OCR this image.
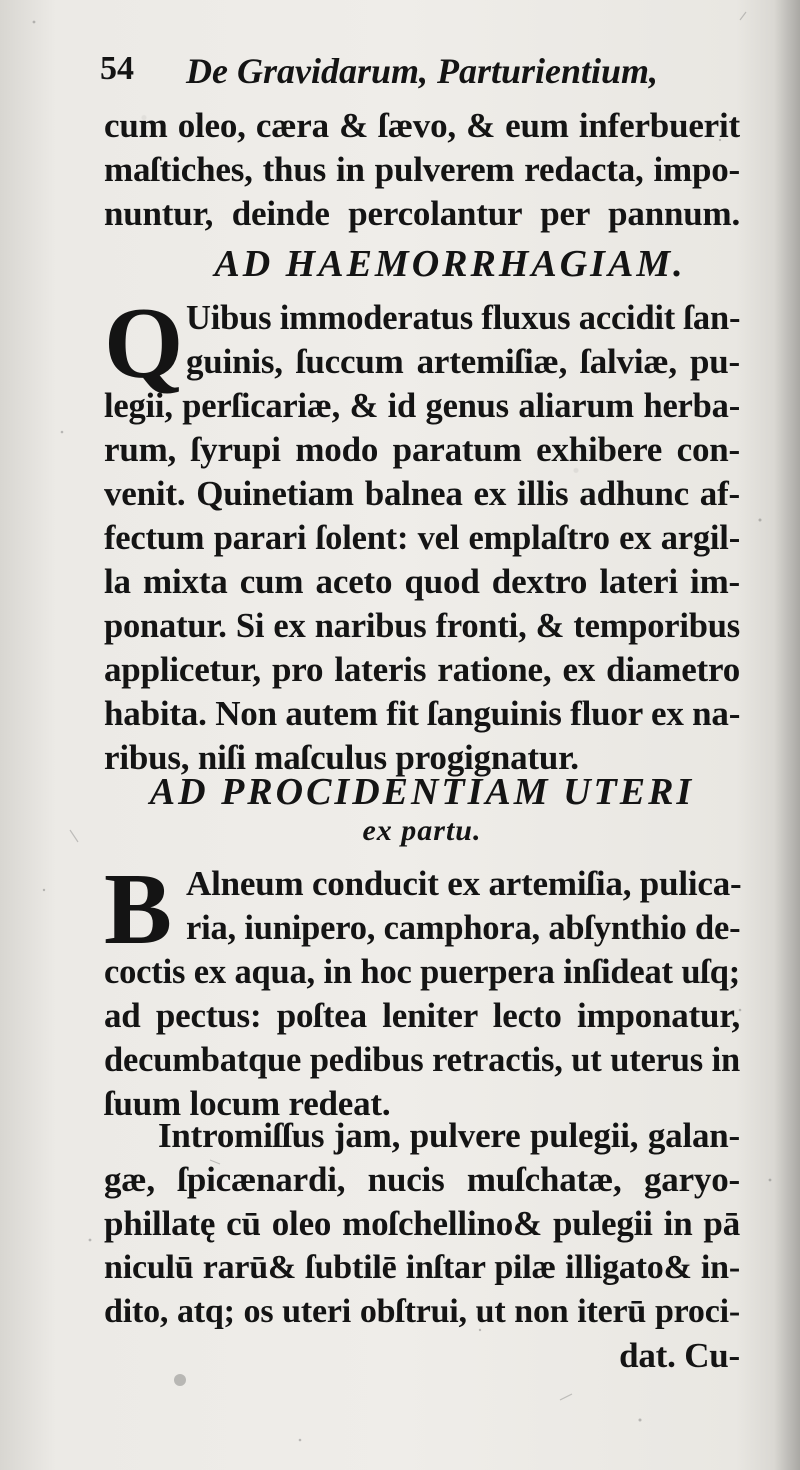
54 De Gravidarum, Parturientium,
cum oleo, cæra & ſævo, & eum inferbuerit
maſtiches, thus in pulverem redacta, impo-
nuntur, deinde percolantur per pannum.
AD HAEMORRHAGIAM.
Q Uibus immoderatus fluxus accidit ſan-
guinis, ſuccum artemiſiæ, ſalviæ, pu-
legii, perſicariæ, & id genus aliarum herba-
rum, ſyrupi modo paratum exhibere con-
venit. Quinetiam balnea ex illis adhunc af-
fectum parari ſolent: vel emplaſtro ex argil-
la mixta cum aceto quod dextro lateri im-
ponatur. Si ex naribus fronti, & temporibus
applicetur, pro lateris ratione, ex diametro
habita. Non autem fit ſanguinis fluor ex na-
ribus, niſi maſculus progignatur.
AD PROCIDENTIAM UTERI
ex partu.
B Alneum conducit ex artemiſia, pulica-
ria, iunipero, camphora, abſynthio de-
coctis ex aqua, in hoc puerpera inſideat uſq;
ad pectus: poſtea leniter lecto imponatur,
decumbatque pedibus retractis, ut uterus in
ſuum locum redeat.
Intromiſſus jam, pulvere pulegii, galan-
gæ, ſpicænardi, nucis muſchatæ, garyo-
phillatę cū oleo moſchellino& pulegii in pā
niculū rarū& ſubtilē inſtar pilæ illigato& in-
dito, atq; os uteri obſtrui, ut non iterū proci-
dat. Cu-
